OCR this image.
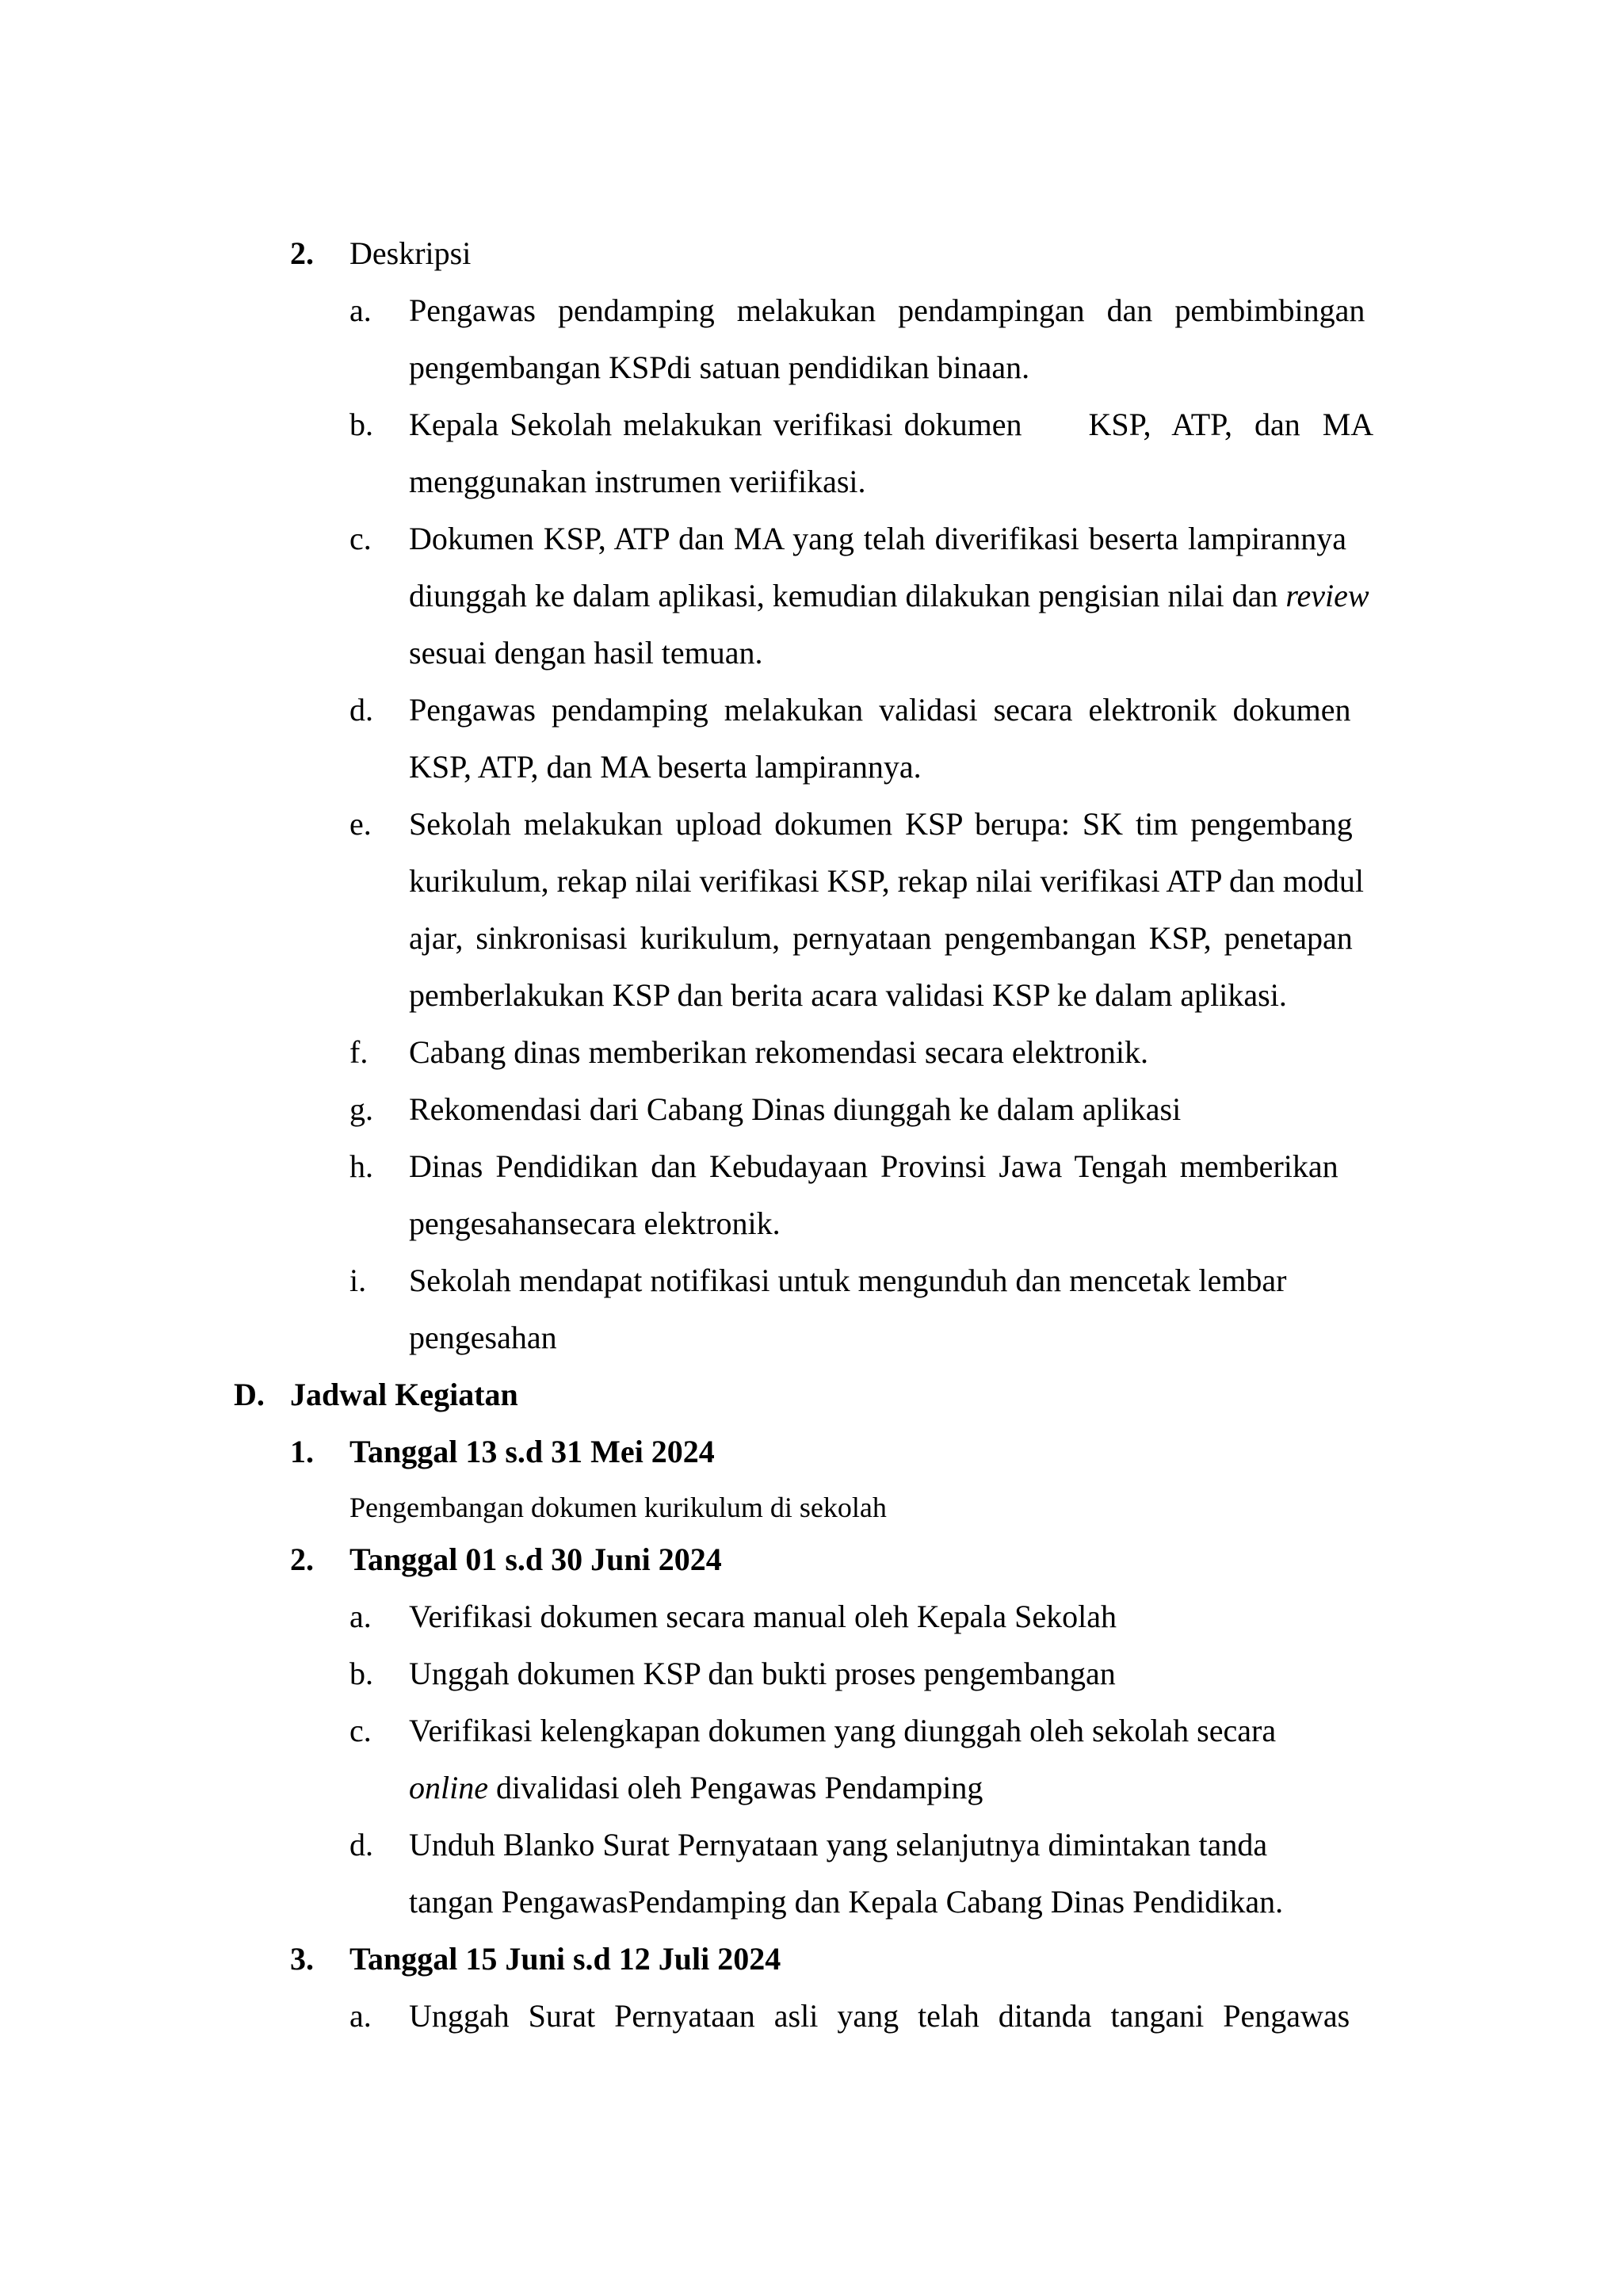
2. Deskripsi
a. Pengawas pendamping melakukan pendampingan dan pembimbingan
pengembangan KSPdi satuan pendidikan binaan.
b. Kepala Sekolah melakukan verifikasi dokumen      KSP,  ATP,  dan  MA
menggunakan instrumen veriifikasi.
c. Dokumen KSP, ATP dan MA yang telah diverifikasi beserta lampirannya
diunggah ke dalam aplikasi, kemudian dilakukan pengisian nilai dan review
sesuai dengan hasil temuan.
d. Pengawas pendamping melakukan validasi secara elektronik dokumen
KSP, ATP, dan MA beserta lampirannya.
e. Sekolah melakukan upload dokumen KSP berupa: SK tim pengembang
kurikulum, rekap nilai verifikasi KSP, rekap nilai verifikasi ATP dan modul
ajar, sinkronisasi kurikulum, pernyataan pengembangan KSP, penetapan
pemberlakukan KSP dan berita acara validasi KSP ke dalam aplikasi.
f. Cabang dinas memberikan rekomendasi secara elektronik.
g. Rekomendasi dari Cabang Dinas diunggah ke dalam aplikasi
h. Dinas Pendidikan dan Kebudayaan Provinsi Jawa Tengah memberikan
pengesahansecara elektronik.
i. Sekolah mendapat notifikasi untuk mengunduh dan mencetak lembar
pengesahan
D. Jadwal Kegiatan
1. Tanggal 13 s.d 31 Mei 2024
Pengembangan dokumen kurikulum di sekolah
2. Tanggal 01 s.d 30 Juni 2024
a. Verifikasi dokumen secara manual oleh Kepala Sekolah
b. Unggah dokumen KSP dan bukti proses pengembangan
c. Verifikasi kelengkapan dokumen yang diunggah oleh sekolah secara
online divalidasi oleh Pengawas Pendamping
d. Unduh Blanko Surat Pernyataan yang selanjutnya dimintakan tanda
tangan PengawasPendamping dan Kepala Cabang Dinas Pendidikan.
3. Tanggal 15 Juni s.d 12 Juli 2024
a. Unggah Surat Pernyataan asli yang telah ditanda tangani Pengawas
